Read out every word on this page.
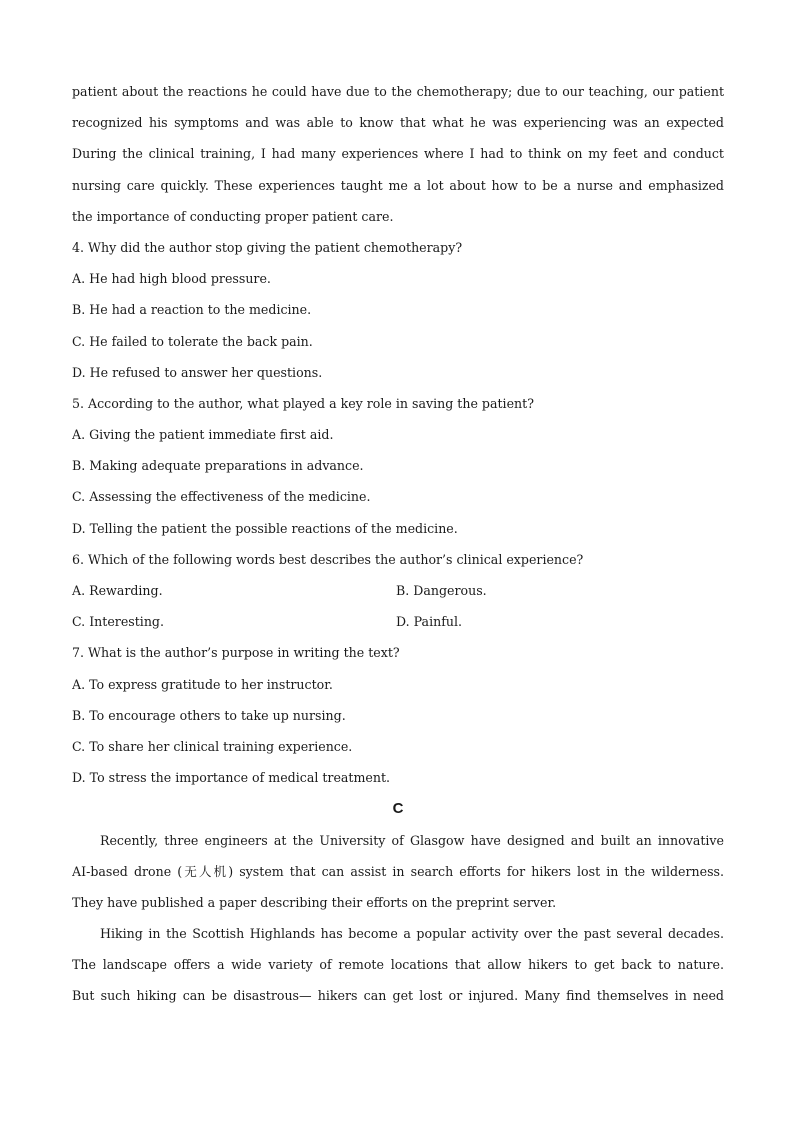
patient about the reactions he could have due to the chemotherapy; due to our teaching, our patient
recognized his symptoms and was able to know that what he was experiencing was an expected
During the clinical training, I had many experiences where I had to think on my feet and conduct
nursing care quickly. These experiences taught me a lot about how to be a nurse and emphasized
the importance of conducting proper patient care.
4. Why did the author stop giving the patient chemotherapy?
A. He had high blood pressure.
B. He had a reaction to the medicine.
C. He failed to tolerate the back pain.
D. He refused to answer her questions.
5. According to the author, what played a key role in saving the patient?
A. Giving the patient immediate first aid.
B. Making adequate preparations in advance.
C. Assessing the effectiveness of the medicine.
D. Telling the patient the possible reactions of the medicine.
6. Which of the following words best describes the author’s clinical experience?
A. Rewarding.	B. Dangerous.
C. Interesting.	D. Painful.
7. What is the author’s purpose in writing the text?
A. To express gratitude to her instructor.
B. To encourage others to take up nursing.
C. To share her clinical training experience.
D. To stress the importance of medical treatment.
C
Recently, three engineers at the University of Glasgow have designed and built an innovative
AI-based drone (无人机) system that can assist in search efforts for hikers lost in the wilderness.
They have published a paper describing their efforts on the preprint server.
Hiking in the Scottish Highlands has become a popular activity over the past several decades.
The landscape offers a wide variety of remote locations that allow hikers to get back to nature.
But such hiking can be disastrous— hikers can get lost or injured. Many find themselves in need
